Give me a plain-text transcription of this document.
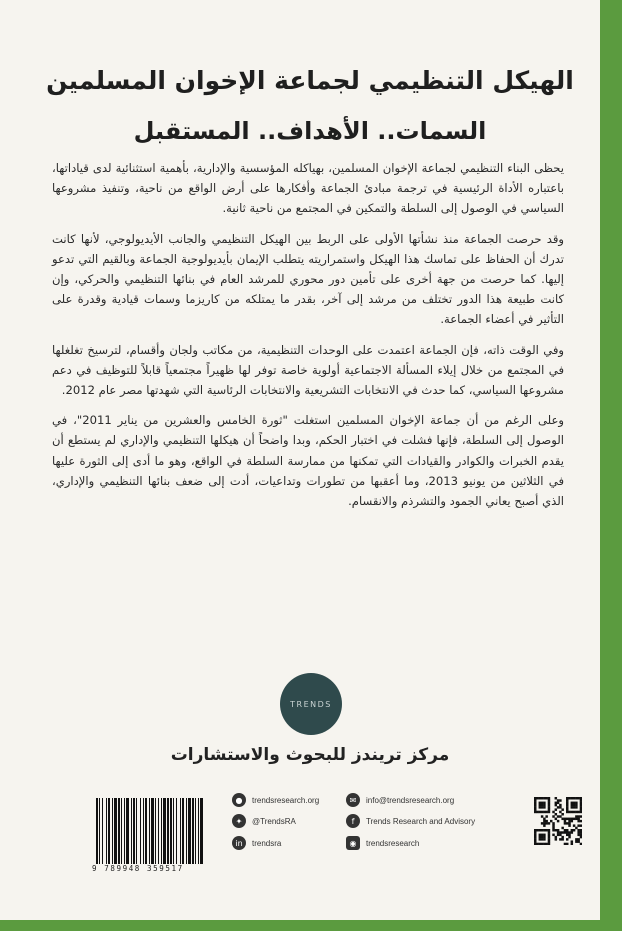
الهيكل التنظيمي لجماعة الإخوان المسلمين
السمات.. الأهداف.. المستقبل

يحظى البناء التنظيمي لجماعة الإخوان المسلمين، بهياكله المؤسسية والإدارية، بأهمية استثنائية لدى قياداتها، باعتباره الأداة الرئيسية في ترجمة مبادئ الجماعة وأفكارها على أرض الواقع من ناحية، وتنفيذ مشروعها السياسي في الوصول إلى السلطة والتمكين في المجتمع من ناحية ثانية.

وقد حرصت الجماعة منذ نشأتها الأولى على الربط بين الهيكل التنظيمي والجانب الأيديولوجي، لأنها كانت تدرك أن الحفاظ على تماسك هذا الهيكل واستمراريته يتطلب الإيمان بأيديولوجية الجماعة وبالقيم التي تدعو إليها. كما حرصت من جهة أخرى على تأمين دور محوري للمرشد العام في بنائها التنظيمي والحركي، وإن كانت طبيعة هذا الدور تختلف من مرشد إلى آخر، بقدر ما يمتلكه من كاريزما وسمات قيادية وقدرة على التأثير في أعضاء الجماعة.

وفي الوقت ذاته، فإن الجماعة اعتمدت على الوحدات التنظيمية، من مكاتب ولجان وأقسام، لترسيخ تغلغلها في المجتمع من خلال إيلاء المسألة الاجتماعية أولوية خاصة توفر لها ظهيراً مجتمعياً قابلاً للتوظيف في دعم مشروعها السياسي، كما حدث في الانتخابات التشريعية والانتخابات الرئاسية التي شهدتها مصر عام 2012.

وعلى الرغم من أن جماعة الإخوان المسلمين استغلت "ثورة الخامس والعشرين من يناير 2011"، في الوصول إلى السلطة، فإنها فشلت في اختبار الحكم، وبدا واضحاً أن هيكلها التنظيمي والإداري لم يستطع أن يقدم الخبرات والكوادر والقيادات التي تمكنها من ممارسة السلطة في الواقع، وهو ما أدى إلى الثورة عليها في الثلاثين من يونيو 2013، وما أعقبها من تطورات وتداعيات، أدت إلى ضعف بنائها التنظيمي والإداري، الذي أصبح يعاني الجمود والتشرذم والانقسام.

TRENDS
مركز تريندز للبحوث والاستشارات
9 789948 359517
●	trendsresearch.org	✉	info@trendsresearch.org
✦	@TrendsRA	f	Trends Research and Advisory
in	trendsra	◉	trendsresearch
